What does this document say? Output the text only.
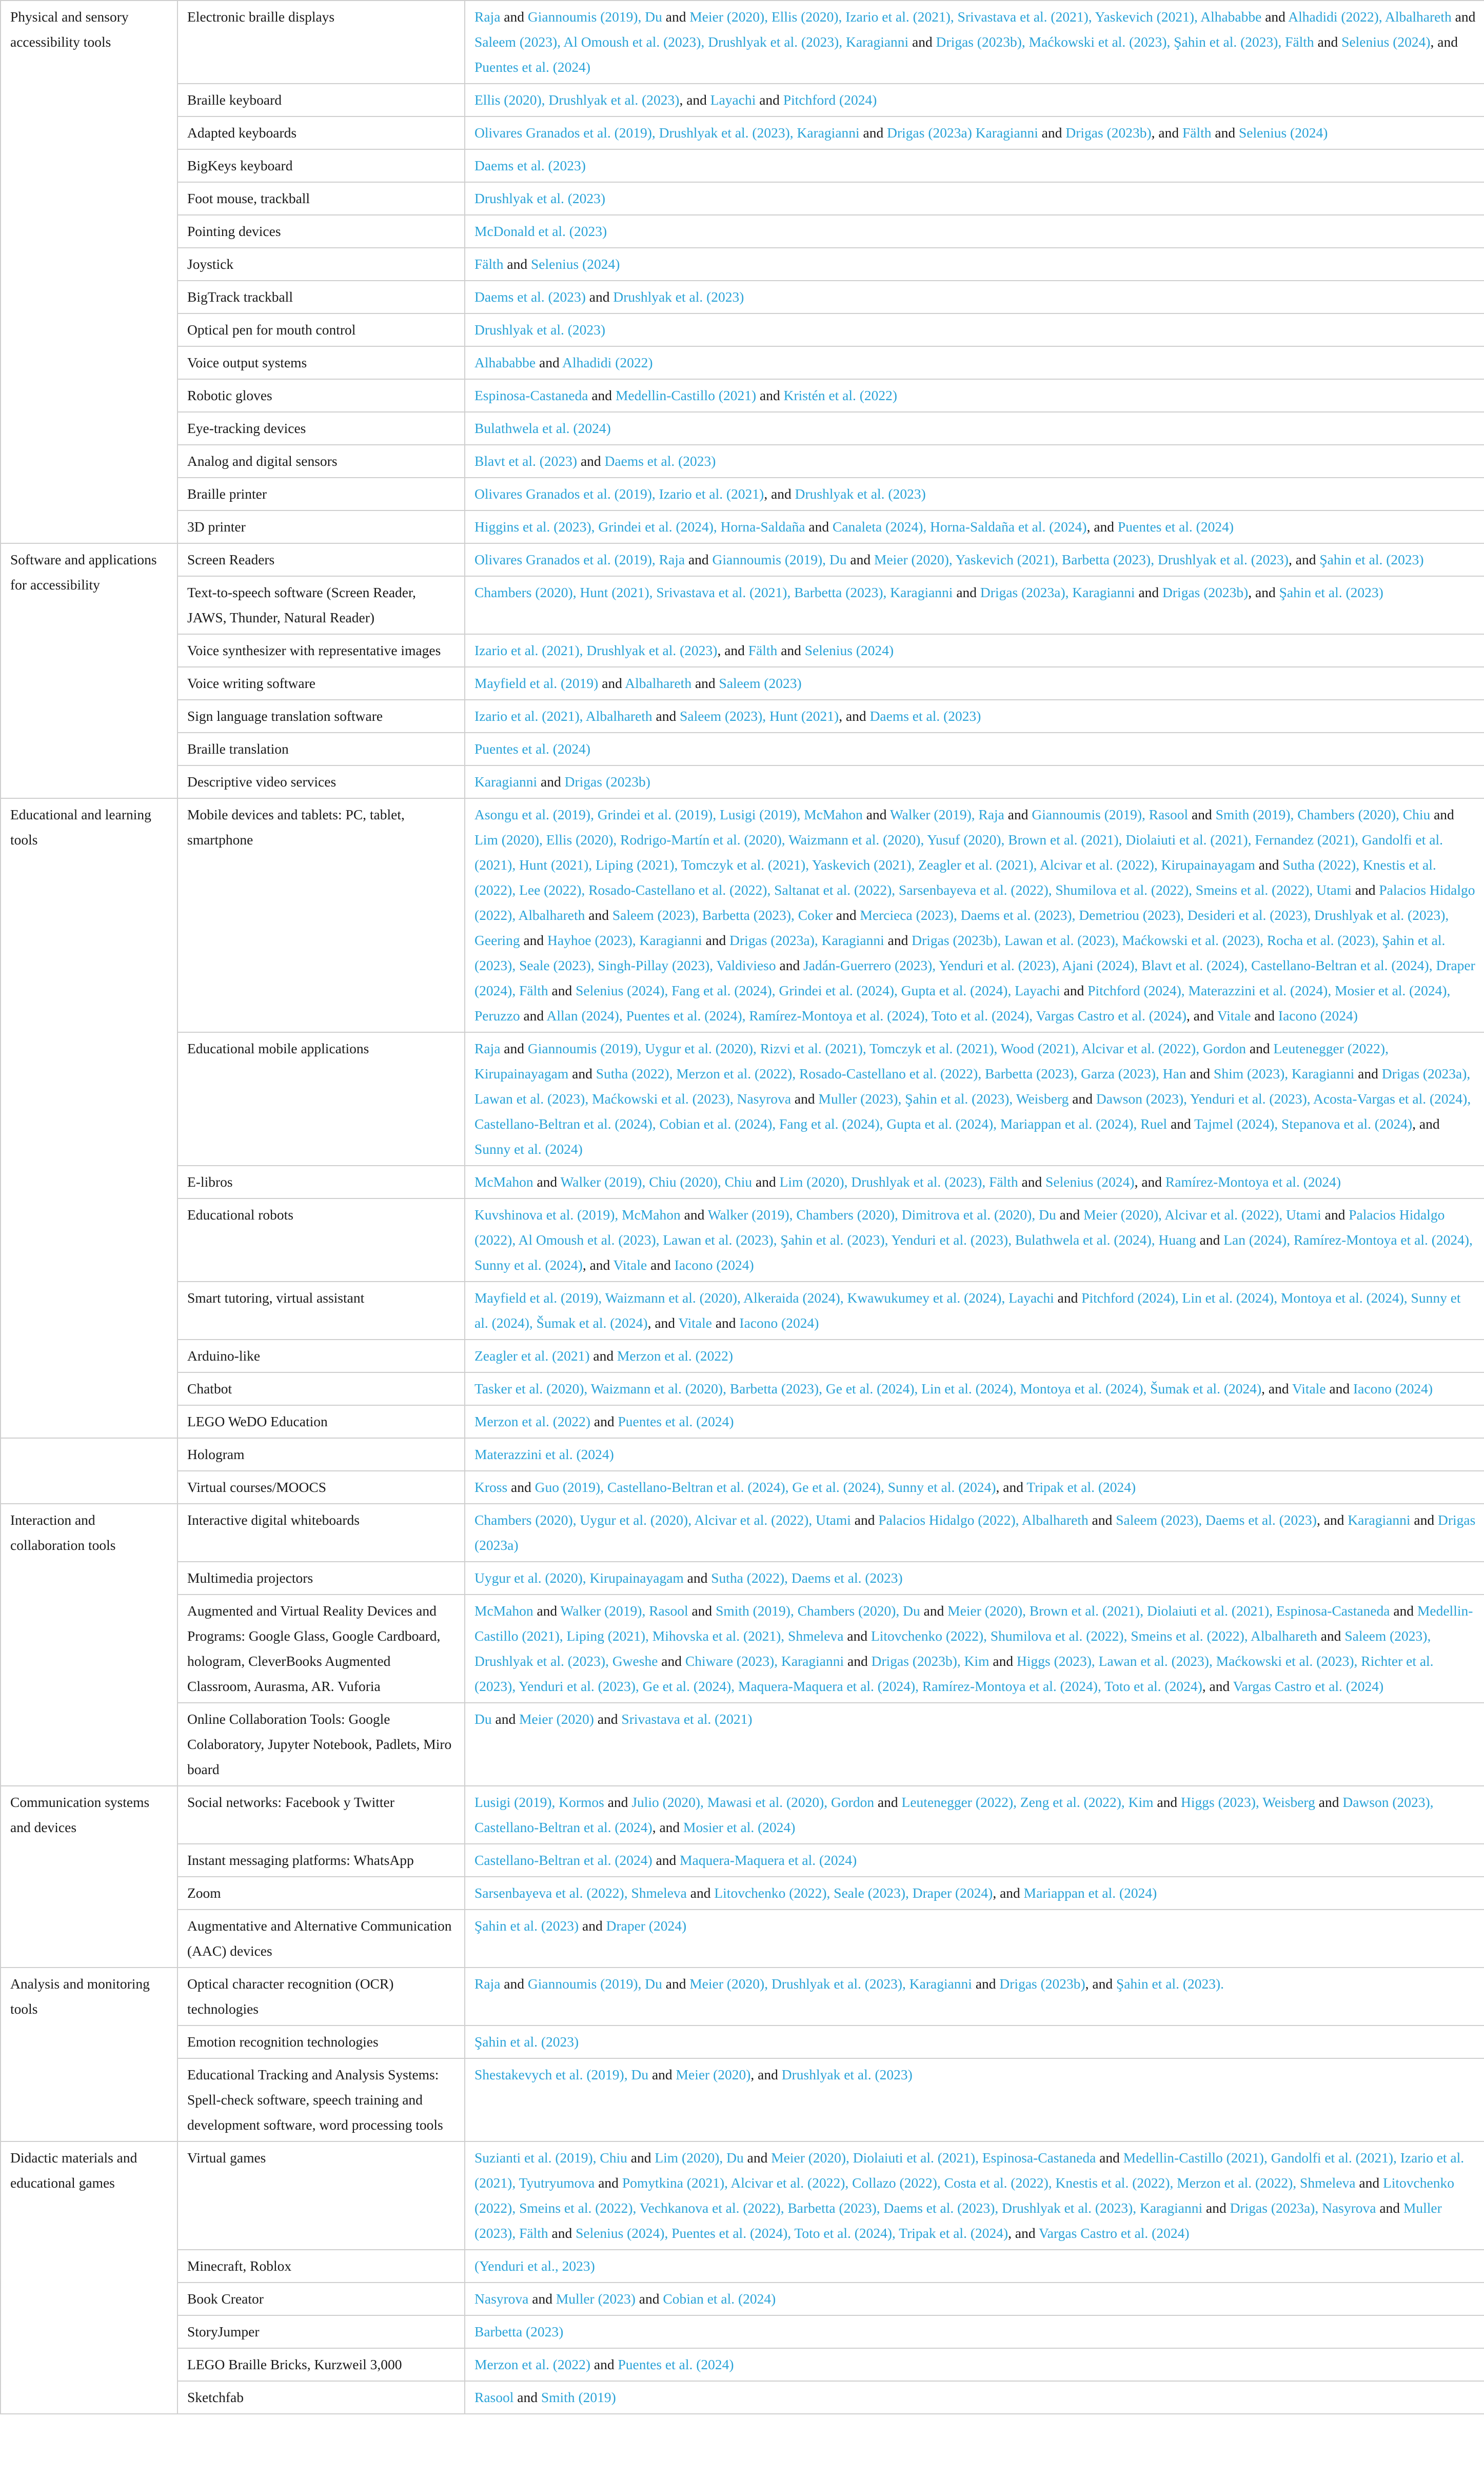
Physical and sensory accessibility tools	Electronic braille displays	Raja and Giannoumis (2019), Du and Meier (2020), Ellis (2020), Izario et al. (2021), Srivastava et al. (2021), Yaskevich (2021), Alhababbe and Alhadidi (2022), Albalhareth and Saleem (2023), Al Omoush et al. (2023), Drushlyak et al. (2023), Karagianni and Drigas (2023b), Maćkowski et al. (2023), Şahin et al. (2023), Fälth and Selenius (2024), and Puentes et al. (2024)
	Braille keyboard	Ellis (2020), Drushlyak et al. (2023), and Layachi and Pitchford (2024)
	Adapted keyboards	Olivares Granados et al. (2019), Drushlyak et al. (2023), Karagianni and Drigas (2023a) Karagianni and Drigas (2023b), and Fälth and Selenius (2024)
	BigKeys keyboard	Daems et al. (2023)
	Foot mouse, trackball	Drushlyak et al. (2023)
	Pointing devices	McDonald et al. (2023)
	Joystick	Fälth and Selenius (2024)
	BigTrack trackball	Daems et al. (2023) and Drushlyak et al. (2023)
	Optical pen for mouth control	Drushlyak et al. (2023)
	Voice output systems	Alhababbe and Alhadidi (2022)
	Robotic gloves	Espinosa-Castaneda and Medellin-Castillo (2021) and Kristén et al. (2022)
	Eye-tracking devices	Bulathwela et al. (2024)
	Analog and digital sensors	Blavt et al. (2023) and Daems et al. (2023)
	Braille printer	Olivares Granados et al. (2019), Izario et al. (2021), and Drushlyak et al. (2023)
	3D printer	Higgins et al. (2023), Grindei et al. (2024), Horna-Saldaña and Canaleta (2024), Horna-Saldaña et al. (2024), and Puentes et al. (2024)
Software and applications for accessibility	Screen Readers	Olivares Granados et al. (2019), Raja and Giannoumis (2019), Du and Meier (2020), Yaskevich (2021), Barbetta (2023), Drushlyak et al. (2023), and Şahin et al. (2023)
	Text-to-speech software (Screen Reader, JAWS, Thunder, Natural Reader)	Chambers (2020), Hunt (2021), Srivastava et al. (2021), Barbetta (2023), Karagianni and Drigas (2023a), Karagianni and Drigas (2023b), and Şahin et al. (2023)
	Voice synthesizer with representative images	Izario et al. (2021), Drushlyak et al. (2023), and Fälth and Selenius (2024)
	Voice writing software	Mayfield et al. (2019) and Albalhareth and Saleem (2023)
	Sign language translation software	Izario et al. (2021), Albalhareth and Saleem (2023), Hunt (2021), and Daems et al. (2023)
	Braille translation	Puentes et al. (2024)
	Descriptive video services	Karagianni and Drigas (2023b)
Educational and learning tools	Mobile devices and tablets: PC, tablet, smartphone	Asongu et al. (2019), Grindei et al. (2019), Lusigi (2019), McMahon and Walker (2019), Raja and Giannoumis (2019), Rasool and Smith (2019), Chambers (2020), Chiu and Lim (2020), Ellis (2020), Rodrigo-Martín et al. (2020), Waizmann et al. (2020), Yusuf (2020), Brown et al. (2021), Diolaiuti et al. (2021), Fernandez (2021), Gandolfi et al. (2021), Hunt (2021), Liping (2021), Tomczyk et al. (2021), Yaskevich (2021), Zeagler et al. (2021), Alcivar et al. (2022), Kirupainayagam and Sutha (2022), Knestis et al. (2022), Lee (2022), Rosado-Castellano et al. (2022), Saltanat et al. (2022), Sarsenbayeva et al. (2022), Shumilova et al. (2022), Smeins et al. (2022), Utami and Palacios Hidalgo (2022), Albalhareth and Saleem (2023), Barbetta (2023), Coker and Mercieca (2023), Daems et al. (2023), Demetriou (2023), Desideri et al. (2023), Drushlyak et al. (2023), Geering and Hayhoe (2023), Karagianni and Drigas (2023a), Karagianni and Drigas (2023b), Lawan et al. (2023), Maćkowski et al. (2023), Rocha et al. (2023), Şahin et al. (2023), Seale (2023), Singh-Pillay (2023), Valdivieso and Jadán-Guerrero (2023), Yenduri et al. (2023), Ajani (2024), Blavt et al. (2024), Castellano-Beltran et al. (2024), Draper (2024), Fälth and Selenius (2024), Fang et al. (2024), Grindei et al. (2024), Gupta et al. (2024), Layachi and Pitchford (2024), Materazzini et al. (2024), Mosier et al. (2024), Peruzzo and Allan (2024), Puentes et al. (2024), Ramírez-Montoya et al. (2024), Toto et al. (2024), Vargas Castro et al. (2024), and Vitale and Iacono (2024)
	Educational mobile applications	Raja and Giannoumis (2019), Uygur et al. (2020), Rizvi et al. (2021), Tomczyk et al. (2021), Wood (2021), Alcivar et al. (2022), Gordon and Leutenegger (2022), Kirupainayagam and Sutha (2022), Merzon et al. (2022), Rosado-Castellano et al. (2022), Barbetta (2023), Garza (2023), Han and Shim (2023), Karagianni and Drigas (2023a), Lawan et al. (2023), Maćkowski et al. (2023), Nasyrova and Muller (2023), Şahin et al. (2023), Weisberg and Dawson (2023), Yenduri et al. (2023), Acosta-Vargas et al. (2024), Castellano-Beltran et al. (2024), Cobian et al. (2024), Fang et al. (2024), Gupta et al. (2024), Mariappan et al. (2024), Ruel and Tajmel (2024), Stepanova et al. (2024), and Sunny et al. (2024)
	E-libros	McMahon and Walker (2019), Chiu (2020), Chiu and Lim (2020), Drushlyak et al. (2023), Fälth and Selenius (2024), and Ramírez-Montoya et al. (2024)
	Educational robots	Kuvshinova et al. (2019), McMahon and Walker (2019), Chambers (2020), Dimitrova et al. (2020), Du and Meier (2020), Alcivar et al. (2022), Utami and Palacios Hidalgo (2022), Al Omoush et al. (2023), Lawan et al. (2023), Şahin et al. (2023), Yenduri et al. (2023), Bulathwela et al. (2024), Huang and Lan (2024), Ramírez-Montoya et al. (2024), Sunny et al. (2024), and Vitale and Iacono (2024)
	Smart tutoring, virtual assistant	Mayfield et al. (2019), Waizmann et al. (2020), Alkeraida (2024), Kwawukumey et al. (2024), Layachi and Pitchford (2024), Lin et al. (2024), Montoya et al. (2024), Sunny et al. (2024), Šumak et al. (2024), and Vitale and Iacono (2024)
	Arduino-like	Zeagler et al. (2021) and Merzon et al. (2022)
	Chatbot	Tasker et al. (2020), Waizmann et al. (2020), Barbetta (2023), Ge et al. (2024), Lin et al. (2024), Montoya et al. (2024), Šumak et al. (2024), and Vitale and Iacono (2024)
	LEGO WeDO Education	Merzon et al. (2022) and Puentes et al. (2024)
	Hologram	Materazzini et al. (2024)
	Virtual courses/MOOCS	Kross and Guo (2019), Castellano-Beltran et al. (2024), Ge et al. (2024), Sunny et al. (2024), and Tripak et al. (2024)
Interaction and collaboration tools	Interactive digital whiteboards	Chambers (2020), Uygur et al. (2020), Alcivar et al. (2022), Utami and Palacios Hidalgo (2022), Albalhareth and Saleem (2023), Daems et al. (2023), and Karagianni and Drigas (2023a)
	Multimedia projectors	Uygur et al. (2020), Kirupainayagam and Sutha (2022), Daems et al. (2023)
	Augmented and Virtual Reality Devices and Programs: Google Glass, Google Cardboard, hologram, CleverBooks Augmented Classroom, Aurasma, AR. Vuforia	McMahon and Walker (2019), Rasool and Smith (2019), Chambers (2020), Du and Meier (2020), Brown et al. (2021), Diolaiuti et al. (2021), Espinosa-Castaneda and Medellin-Castillo (2021), Liping (2021), Mihovska et al. (2021), Shmeleva and Litovchenko (2022), Shumilova et al. (2022), Smeins et al. (2022), Albalhareth and Saleem (2023), Drushlyak et al. (2023), Gweshe and Chiware (2023), Karagianni and Drigas (2023b), Kim and Higgs (2023), Lawan et al. (2023), Maćkowski et al. (2023), Richter et al. (2023), Yenduri et al. (2023), Ge et al. (2024), Maquera-Maquera et al. (2024), Ramírez-Montoya et al. (2024), Toto et al. (2024), and Vargas Castro et al. (2024)
	Online Collaboration Tools: Google Colaboratory, Jupyter Notebook, Padlets, Miro board	Du and Meier (2020) and Srivastava et al. (2021)
Communication systems and devices	Social networks: Facebook y Twitter	Lusigi (2019), Kormos and Julio (2020), Mawasi et al. (2020), Gordon and Leutenegger (2022), Zeng et al. (2022), Kim and Higgs (2023), Weisberg and Dawson (2023), Castellano-Beltran et al. (2024), and Mosier et al. (2024)
	Instant messaging platforms: WhatsApp	Castellano-Beltran et al. (2024) and Maquera-Maquera et al. (2024)
	Zoom	Sarsenbayeva et al. (2022), Shmeleva and Litovchenko (2022), Seale (2023), Draper (2024), and Mariappan et al. (2024)
	Augmentative and Alternative Communication (AAC) devices	Şahin et al. (2023) and Draper (2024)
Analysis and monitoring tools	Optical character recognition (OCR) technologies	Raja and Giannoumis (2019), Du and Meier (2020), Drushlyak et al. (2023), Karagianni and Drigas (2023b), and Şahin et al. (2023).
	Emotion recognition technologies	Şahin et al. (2023)
	Educational Tracking and Analysis Systems: Spell-check software, speech training and development software, word processing tools	Shestakevych et al. (2019), Du and Meier (2020), and Drushlyak et al. (2023)
Didactic materials and educational games	Virtual games	Suzianti et al. (2019), Chiu and Lim (2020), Du and Meier (2020), Diolaiuti et al. (2021), Espinosa-Castaneda and Medellin-Castillo (2021), Gandolfi et al. (2021), Izario et al. (2021), Tyutryumova and Pomytkina (2021), Alcivar et al. (2022), Collazo (2022), Costa et al. (2022), Knestis et al. (2022), Merzon et al. (2022), Shmeleva and Litovchenko (2022), Smeins et al. (2022), Vechkanova et al. (2022), Barbetta (2023), Daems et al. (2023), Drushlyak et al. (2023), Karagianni and Drigas (2023a), Nasyrova and Muller (2023), Fälth and Selenius (2024), Puentes et al. (2024), Toto et al. (2024), Tripak et al. (2024), and Vargas Castro et al. (2024)
	Minecraft, Roblox	(Yenduri et al., 2023)
	Book Creator	Nasyrova and Muller (2023) and Cobian et al. (2024)
	StoryJumper	Barbetta (2023)
	LEGO Braille Bricks, Kurzweil 3,000	Merzon et al. (2022) and Puentes et al. (2024)
	Sketchfab	Rasool and Smith (2019)
